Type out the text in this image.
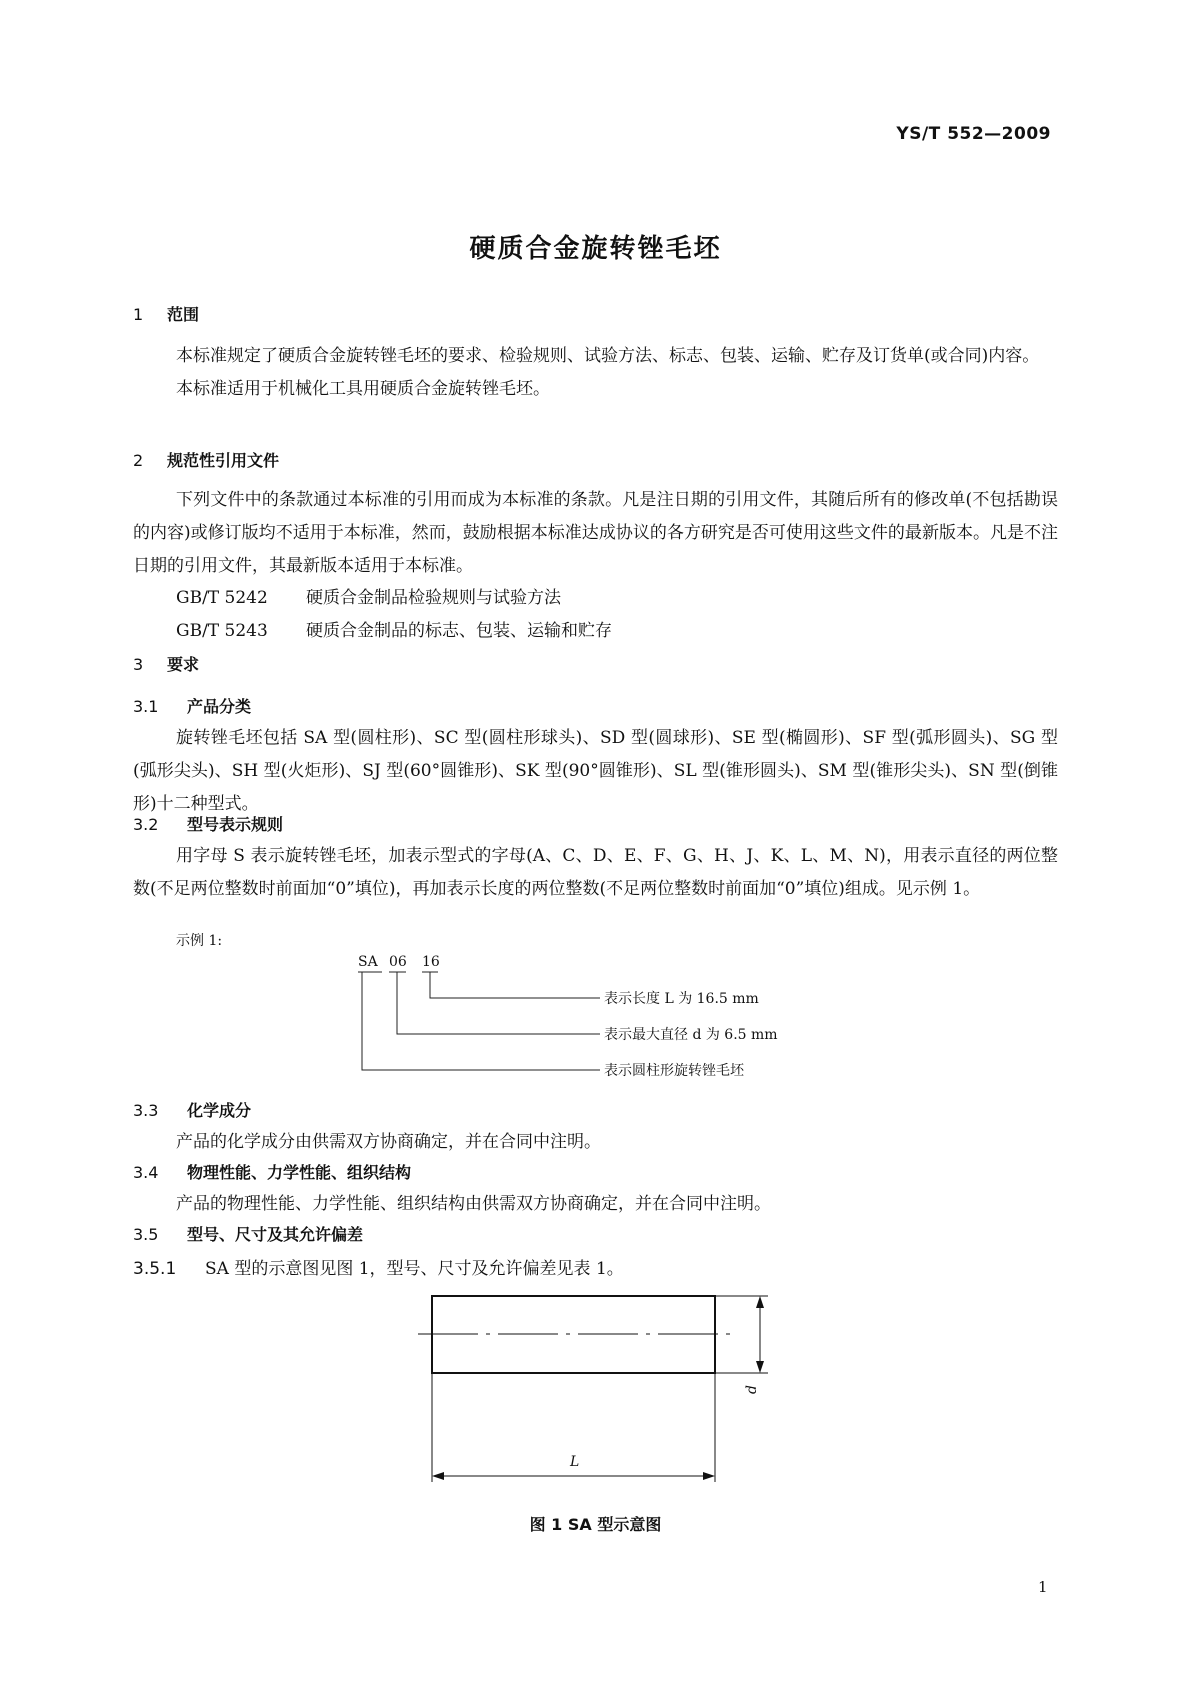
YS/T 552—2009
硬质合金旋转锉毛坯
1 范围

本标准规定了硬质合金旋转锉毛坯的要求、检验规则、试验方法、标志、包装、运输、贮存及订货单(或合同)内容。

本标准适用于机械化工具用硬质合金旋转锉毛坯。

2 规范性引用文件

下列文件中的条款通过本标准的引用而成为本标准的条款。凡是注日期的引用文件，其随后所有的修改单(不包括勘误的内容)或修订版均不适用于本标准，然而，鼓励根据本标准达成协议的各方研究是否可使用这些文件的最新版本。凡是不注日期的引用文件，其最新版本适用于本标准。

GB/T 5242 硬质合金制品检验规则与试验方法
GB/T 5243 硬质合金制品的标志、包装、运输和贮存
3 要求
3.1 产品分类

旋转锉毛坯包括 SA 型(圆柱形)、SC 型(圆柱形球头)、SD 型(圆球形)、SE 型(椭圆形)、SF 型(弧形圆头)、SG 型(弧形尖头)、SH 型(火炬形)、SJ 型(60°圆锥形)、SK 型(90°圆锥形)、SL 型(锥形圆头)、SM 型(锥形尖头)、SN 型(倒锥形)十二种型式。

3.2 型号表示规则

用字母 S 表示旋转锉毛坯，加表示型式的字母(A、C、D、E、F、G、H、J、K、L、M、N)，用表示直径的两位整数(不足两位整数时前面加“0”填位)，再加表示长度的两位整数(不足两位整数时前面加“0”填位)组成。见示例 1。

示例 1:
SA 06 16
表示长度 L 为 16.5 mm
表示最大直径 d 为 6.5 mm
表示圆柱形旋转锉毛坯
3.3 化学成分

产品的化学成分由供需双方协商确定，并在合同中注明。

3.4 物理性能、力学性能、组织结构

产品的物理性能、力学性能、组织结构由供需双方协商确定，并在合同中注明。

3.5 型号、尺寸及其允许偏差
3.5.1 SA 型的示意图见图 1，型号、尺寸及允许偏差见表 1。
d
L
图 1 SA 型示意图
1
